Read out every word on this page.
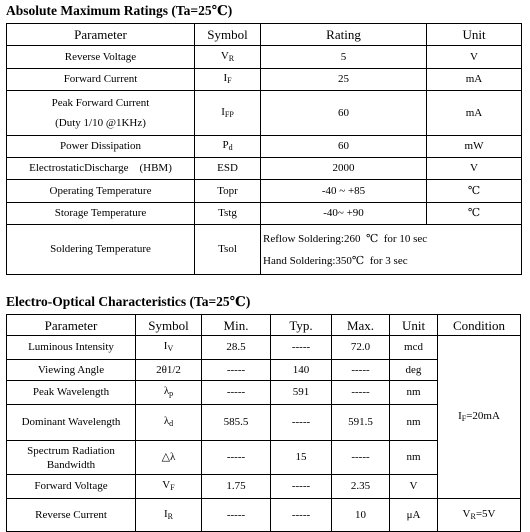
Absolute Maximum Ratings (Ta=25℃)
Parameter	Symbol	Rating	Unit
Reverse Voltage	$V_R$	5	V
Forward Current	$I_F$	25	mA

Peak Forward Current
(Duty 1/10 @1KHz)	$I_{FP}$	60	mA
Power Dissipation	$P_d$	60	mW
ElectrostaticDischarge    (HBM)	ESD	2000	V
Operating Temperature	Topr	-40 ~ +85	℃
Storage Temperature	Tstg	-40~ +90	℃
Soldering Temperature	Tsol	Reflow Soldering:260  ℃  for 10 sec
Hand Soldering:350℃  for 3 sec	
Electro-Optical Characteristics (Ta=25℃)
Parameter	Symbol	Min.	Typ.	Max.	Unit	Condition
Luminous Intensity	$I_V$	28.5	-----	72.0	mcd	$I_F=20mA$
Viewing Angle	2θ1/2	-----	140	-----	deg	
Peak Wavelength	$\lambda_p$	-----	591	-----	nm	
Dominant Wavelength	$\lambda_d$	585.5	-----	591.5	nm	
Spectrum Radiation Bandwidth	△λ	-----	15	-----	nm	
Forward Voltage	$V_F$	1.75	-----	2.35	V	
Reverse Current	$I_R$	-----	-----	10	μA	$V_R=5V$
